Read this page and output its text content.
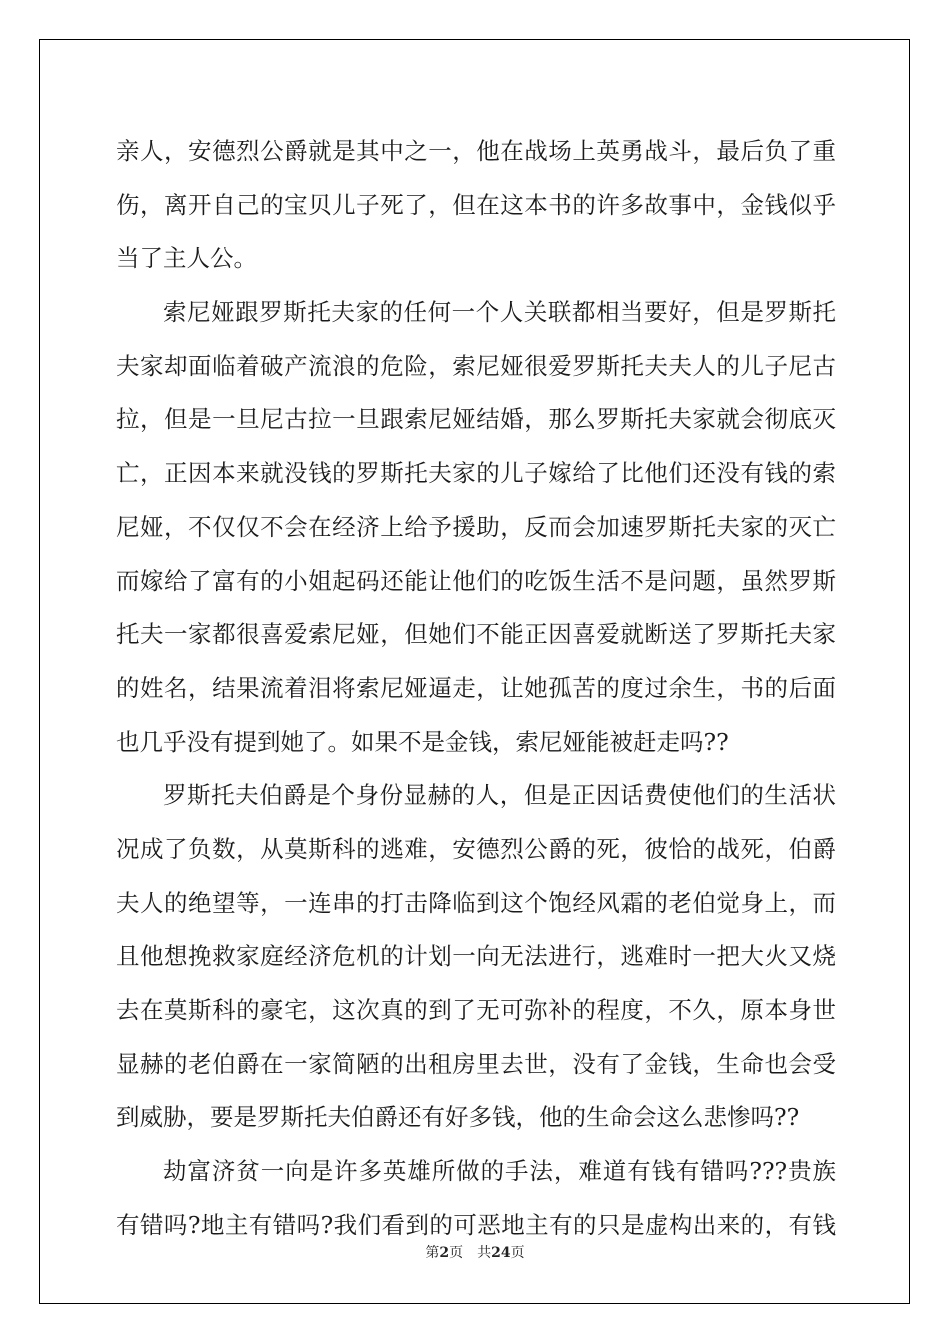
亲人，安德烈公爵就是其中之一，他在战场上英勇战斗，最后负了重
伤，离开自己的宝贝儿子死了，但在这本书的许多故事中，金钱似乎
当了主人公。
索尼娅跟罗斯托夫家的任何一个人关联都相当要好，但是罗斯托
夫家却面临着破产流浪的危险，索尼娅很爱罗斯托夫夫人的儿子尼古
拉，但是一旦尼古拉一旦跟索尼娅结婚，那么罗斯托夫家就会彻底灭
亡，正因本来就没钱的罗斯托夫家的儿子嫁给了比他们还没有钱的索
尼娅，不仅仅不会在经济上给予援助，反而会加速罗斯托夫家的灭亡
而嫁给了富有的小姐起码还能让他们的吃饭生活不是问题，虽然罗斯
托夫一家都很喜爱索尼娅，但她们不能正因喜爱就断送了罗斯托夫家
的姓名，结果流着泪将索尼娅逼走，让她孤苦的度过余生，书的后面
也几乎没有提到她了。如果不是金钱，索尼娅能被赶走吗??
罗斯托夫伯爵是个身份显赫的人，但是正因话费使他们的生活状
况成了负数，从莫斯科的逃难，安德烈公爵的死，彼恰的战死，伯爵
夫人的绝望等，一连串的打击降临到这个饱经风霜的老伯觉身上，而
且他想挽救家庭经济危机的计划一向无法进行，逃难时一把大火又烧
去在莫斯科的豪宅，这次真的到了无可弥补的程度，不久，原本身世
显赫的老伯爵在一家简陋的出租房里去世，没有了金钱，生命也会受
到威胁，要是罗斯托夫伯爵还有好多钱，他的生命会这么悲惨吗??
劫富济贫一向是许多英雄所做的手法，难道有钱有错吗???贵族
有错吗?地主有错吗?我们看到的可恶地主有的只是虚构出来的，有钱
第2页 共24页
